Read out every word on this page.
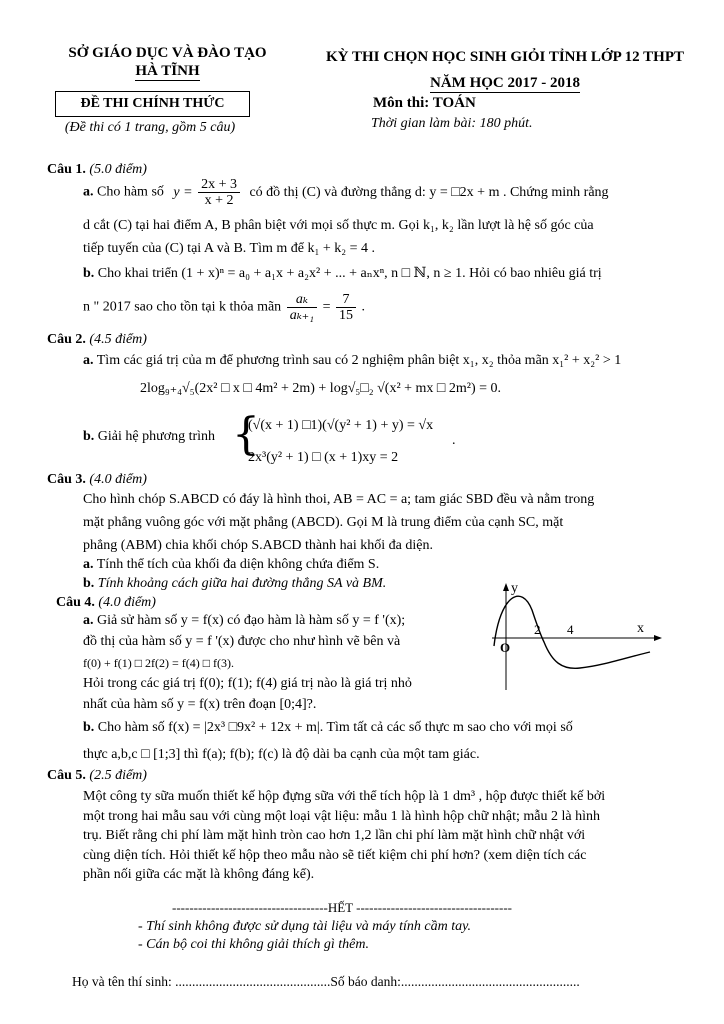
SỞ GIÁO DỤC VÀ ĐÀO TẠO
HÀ TĨNH
ĐỀ THI CHÍNH THỨC
(Đề thi có 1 trang, gồm 5 câu)
KỲ THI CHỌN HỌC SINH GIỎI TỈNH LỚP 12 THPT
NĂM HỌC 2017 - 2018
Môn thi: TOÁN
Thời gian làm bài: 180 phút.
Câu 1. (5.0 điểm)
a. Cho hàm số $y = \frac{2x + 3}{x + 2}$ có đồ thị (C) và đường thẳng d: y = □2x + m . Chứng minh rằng
d cắt (C) tại hai điểm A, B phân biệt với mọi số thực m. Gọi k₁, k₂ lần lượt là hệ số góc của
tiếp tuyến của (C) tại A và B. Tìm m để k₁ + k₂ = 4 .
b. Cho khai triển (1 + x)ⁿ = a₀ + a₁x + a₂x² + ... + aₙxⁿ, n □ ℕ, n ≥ 1. Hỏi có bao nhiêu giá trị
n " 2017 sao cho tồn tại k thỏa mãn $\frac{\text{aₖ}}{\text{aₖ₊₁}} = \frac{7}{15}$ .
Câu 2. (4.5 điểm)
a. Tìm các giá trị của m để phương trình sau có 2 nghiệm phân biệt x₁, x₂ thỏa mãn x₁² + x₂² > 1
2log₉₊₄√₅(2x² □ x □ 4m² + 2m) + log√₅□₂ √(x² + mx □ 2m²) = 0.
b. Giải hệ phương trình {
(√(x + 1) □1)(√(y² + 1) + y) = √x
2x³(y² + 1) □ (x + 1)xy = 2
.
Câu 3. (4.0 điểm)
Cho hình chóp S.ABCD có đáy là hình thoi, AB = AC = a; tam giác SBD đều và nằm trong
mặt phẳng vuông góc với mặt phẳng (ABCD). Gọi M là trung điểm của cạnh SC, mặt
phẳng (ABM) chia khối chóp S.ABCD thành hai khối đa diện.
a. Tính thể tích của khối đa diện không chứa điểm S.
b. Tính khoảng cách giữa hai đường thẳng SA và BM.
Câu 4. (4.0 điểm)
a. Giả sử hàm số y = f(x) có đạo hàm là hàm số y = f '(x);
đồ thị của hàm số y = f '(x) được cho như hình vẽ bên và
f(0) + f(1) □ 2f(2) = f(4) □ f(3).
Hỏi trong các giá trị f(0); f(1); f(4) giá trị nào là giá trị nhỏ
nhất của hàm số y = f(x) trên đoạn [0;4]?.
y
x
O
2 4
b. Cho hàm số f(x) = |2x³ □9x² + 12x + m|. Tìm tất cả các số thực m sao cho với mọi số
thực a,b,c □ [1;3] thì f(a); f(b); f(c) là độ dài ba cạnh của một tam giác.
Câu 5. (2.5 điểm)
Một công ty sữa muốn thiết kế hộp đựng sữa với thể tích hộp là 1 dm³ , hộp được thiết kế bởi
một trong hai mẫu sau với cùng một loại vật liệu: mẫu 1 là hình hộp chữ nhật; mẫu 2 là hình
trụ. Biết rằng chi phí làm mặt hình tròn cao hơn 1,2 lần chi phí làm mặt hình chữ nhật với
cùng diện tích. Hỏi thiết kế hộp theo mẫu nào sẽ tiết kiệm chi phí hơn? (xem diện tích các
phần nối giữa các mặt là không đáng kể).
------------------------------------HẾT ------------------------------------
- Thí sinh không được sử dụng tài liệu và máy tính cầm tay.
- Cán bộ coi thi không giải thích gì thêm.
Họ và tên thí sinh: ..............................................Số báo danh:.....................................................
